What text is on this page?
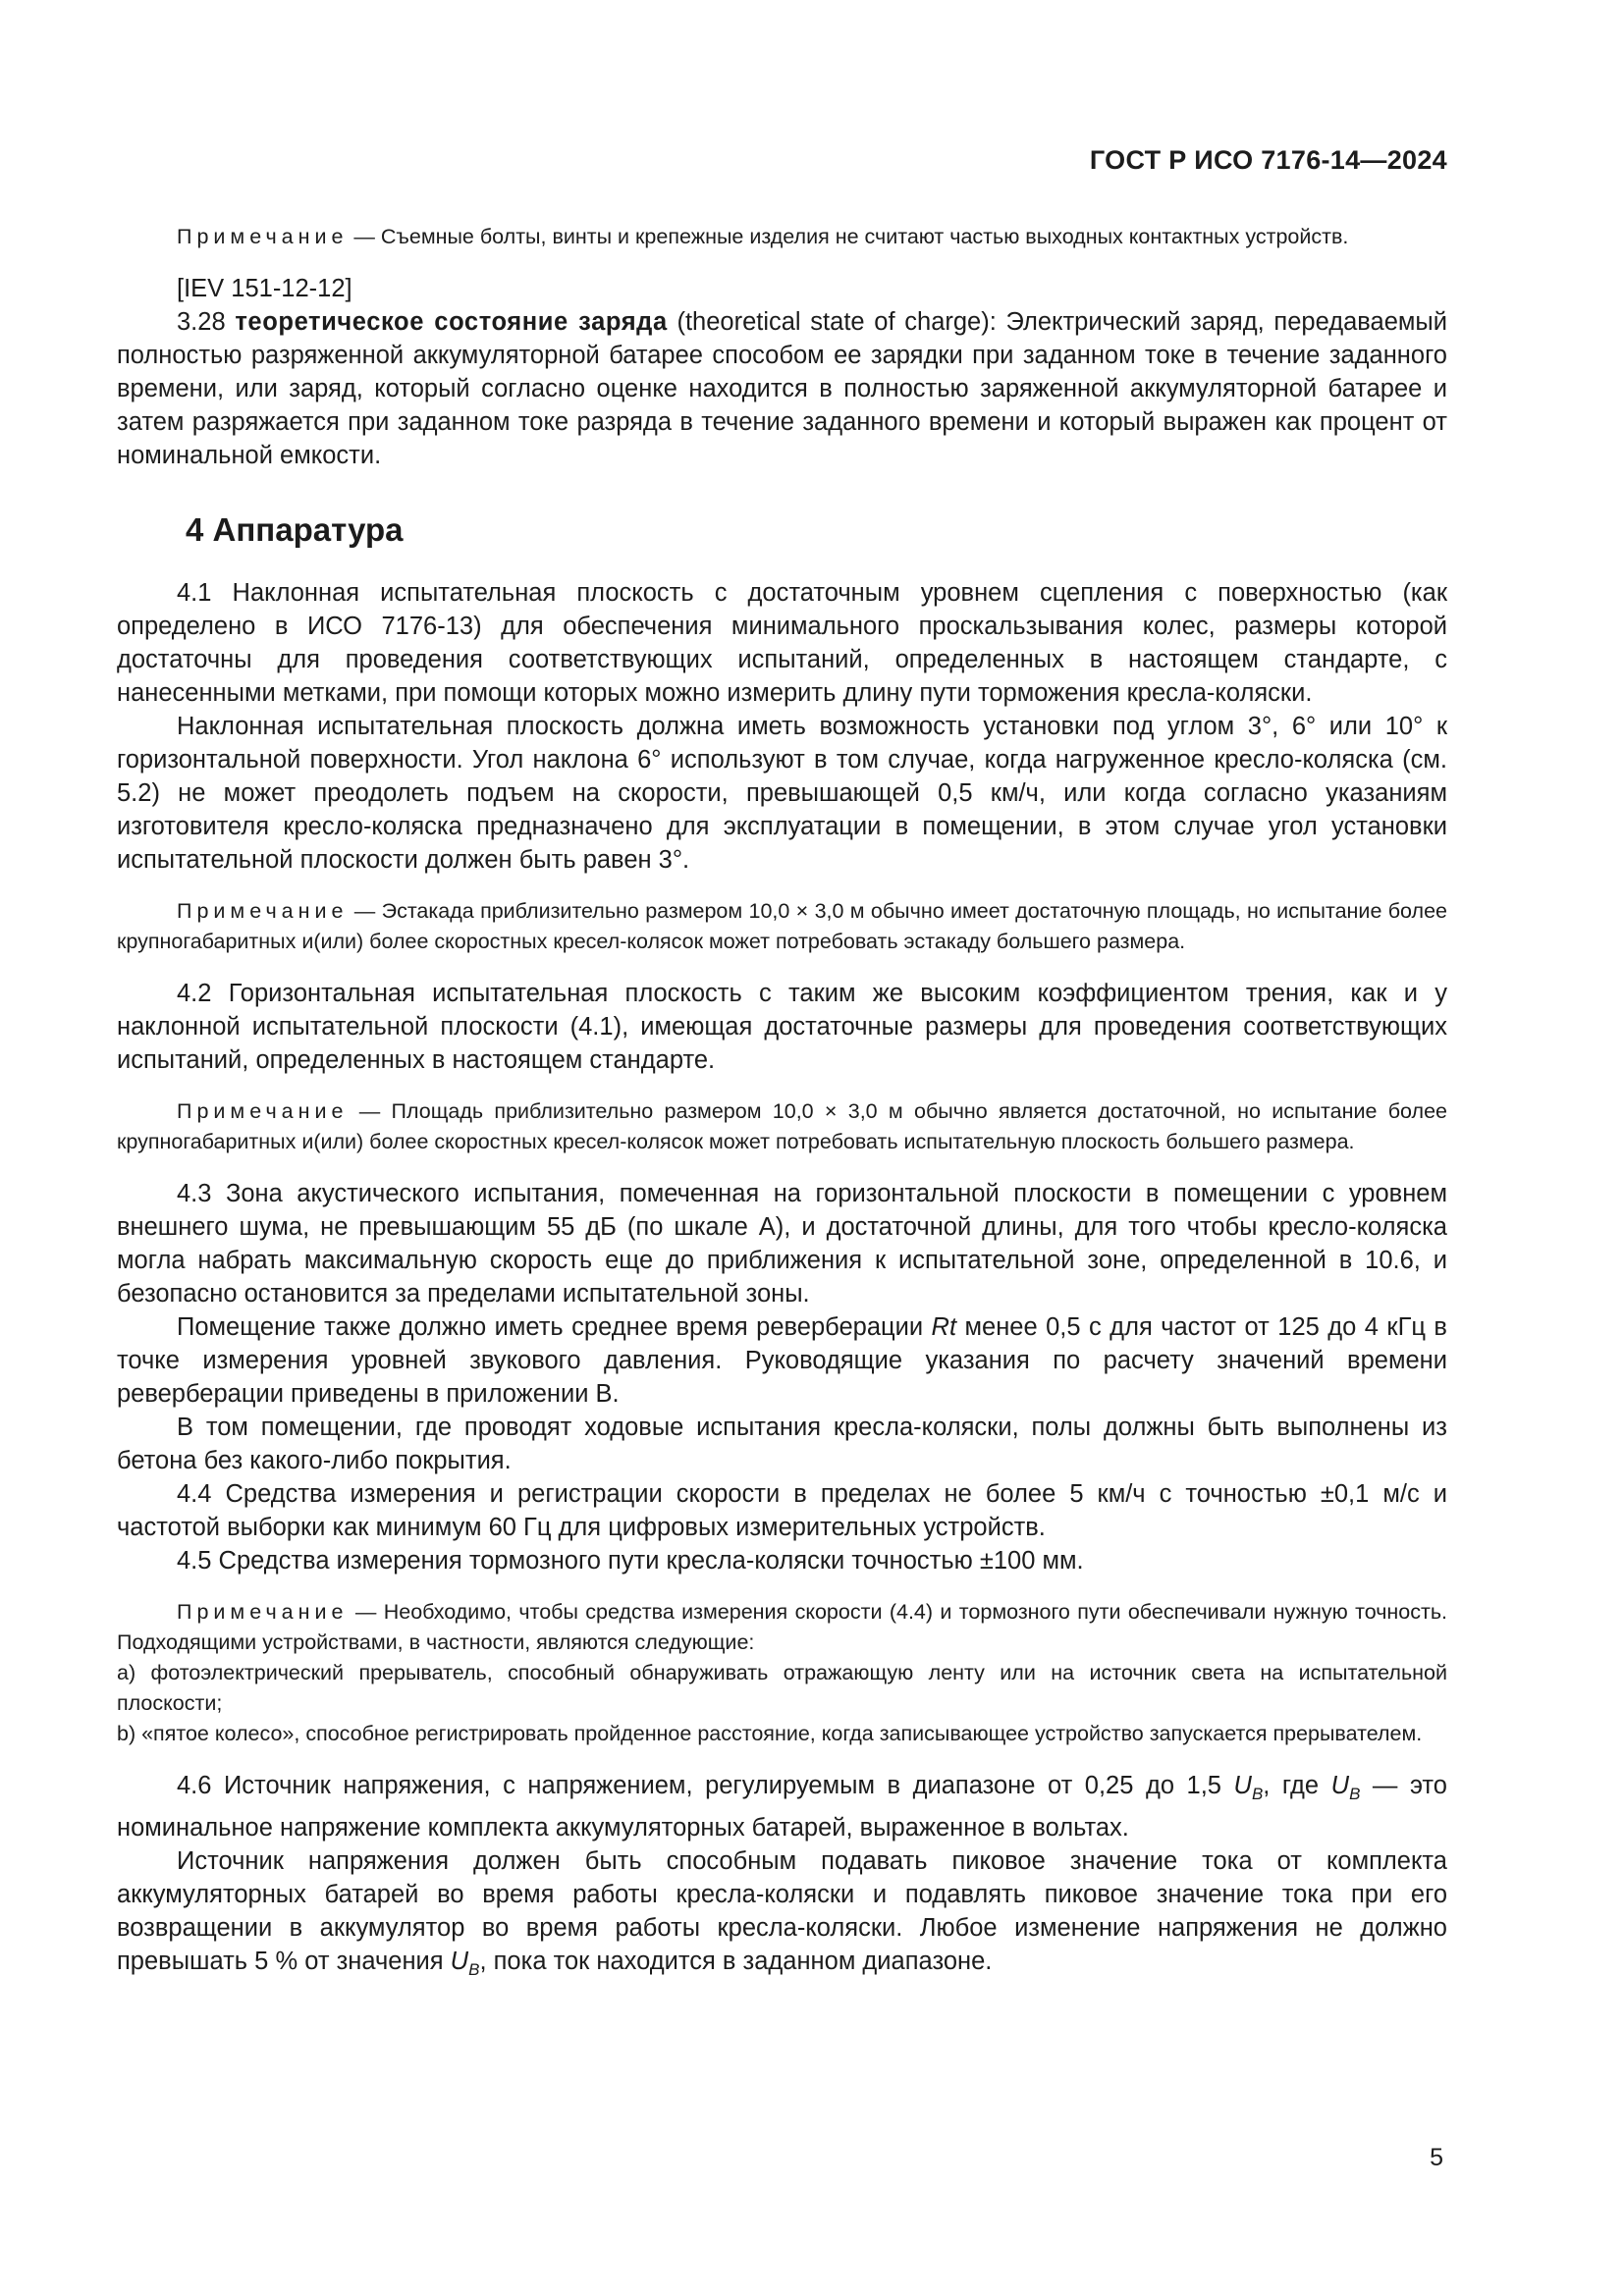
ГОСТ Р ИСО 7176-14—2024

Примечание — Съемные болты, винты и крепежные изделия не считают частью выходных контактных устройств.

[IEV 151-12-12]

3.28 теоретическое состояние заряда (theoretical state of charge): Электрический заряд, передаваемый полностью разряженной аккумуляторной батарее способом ее зарядки при заданном токе в течение заданного времени, или заряд, который согласно оценке находится в полностью заряженной аккумуляторной батарее и затем разряжается при заданном токе разряда в течение заданного времени и который выражен как процент от номинальной емкости.

4 Аппаратура

4.1 Наклонная испытательная плоскость с достаточным уровнем сцепления с поверхностью (как определено в ИСО 7176-13) для обеспечения минимального проскальзывания колес, размеры которой достаточны для проведения соответствующих испытаний, определенных в настоящем стандарте, с нанесенными метками, при помощи которых можно измерить длину пути торможения кресла-коляски.

Наклонная испытательная плоскость должна иметь возможность установки под углом 3°, 6° или 10° к горизонтальной поверхности. Угол наклона 6° используют в том случае, когда нагруженное кресло-коляска (см. 5.2) не может преодолеть подъем на скорости, превышающей 0,5 км/ч, или когда согласно указаниям изготовителя кресло-коляска предназначено для эксплуатации в помещении, в этом случае угол установки испытательной плоскости должен быть равен 3°.

Примечание — Эстакада приблизительно размером 10,0 × 3,0 м обычно имеет достаточную площадь, но испытание более крупногабаритных и(или) более скоростных кресел-колясок может потребовать эстакаду большего размера.

4.2 Горизонтальная испытательная плоскость с таким же высоким коэффициентом трения, как и у наклонной испытательной плоскости (4.1), имеющая достаточные размеры для проведения соответствующих испытаний, определенных в настоящем стандарте.

Примечание — Площадь приблизительно размером 10,0 × 3,0 м обычно является достаточной, но испытание более крупногабаритных и(или) более скоростных кресел-колясок может потребовать испытательную плоскость большего размера.

4.3 Зона акустического испытания, помеченная на горизонтальной плоскости в помещении с уровнем внешнего шума, не превышающим 55 дБ (по шкале А), и достаточной длины, для того чтобы кресло-коляска могла набрать максимальную скорость еще до приближения к испытательной зоне, определенной в 10.6, и безопасно остановится за пределами испытательной зоны.

Помещение также должно иметь среднее время реверберации Rt менее 0,5 с для частот от 125 до 4 кГц в точке измерения уровней звукового давления. Руководящие указания по расчету значений времени реверберации приведены в приложении В.

В том помещении, где проводят ходовые испытания кресла-коляски, полы должны быть выполнены из бетона без какого-либо покрытия.

4.4 Средства измерения и регистрации скорости в пределах не более 5 км/ч с точностью ±0,1 м/с и частотой выборки как минимум 60 Гц для цифровых измерительных устройств.

4.5 Средства измерения тормозного пути кресла-коляски точностью ±100 мм.

Примечание — Необходимо, чтобы средства измерения скорости (4.4) и тормозного пути обеспечивали нужную точность. Подходящими устройствами, в частности, являются следующие:

a) фотоэлектрический прерыватель, способный обнаруживать отражающую ленту или на источник света на испытательной плоскости;

b) «пятое колесо», способное регистрировать пройденное расстояние, когда записывающее устройство запускается прерывателем.

4.6 Источник напряжения, с напряжением, регулируемым в диапазоне от 0,25 до 1,5 $U_B$, где $U_B$ — это номинальное напряжение комплекта аккумуляторных батарей, выраженное в вольтах.

Источник напряжения должен быть способным подавать пиковое значение тока от комплекта аккумуляторных батарей во время работы кресла-коляски и подавлять пиковое значение тока при его возвращении в аккумулятор во время работы кресла-коляски. Любое изменение напряжения не должно превышать 5 % от значения $U_B$, пока ток находится в заданном диапазоне.

5
